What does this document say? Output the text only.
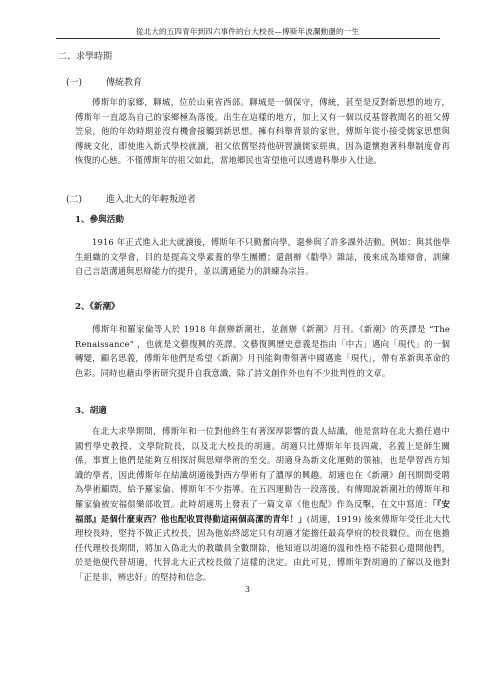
從北大的五四青年到四六事件的台大校長—傅斯年波瀾動盪的一生
二、求學時期
(一)	傳統教育
傅斯年的家鄉，聊城，位於山東省西部。聊城是一個保守，傳統，甚至是反對新思想的地方，傅斯年一直認為自己的家鄉極為落後。出生在這樣的地方，加上又有一個以反基督教聞名的祖父傅笠泉，他的年幼時期並沒有機會接觸到新思想。擁有科舉背景的家世，傅斯年從小接受儒家思想與傳統文化，即使進入新式學校就讀，祖父依舊堅持他研習讀儒家經典，因為還懷抱著科舉制度會再恢復的心態。不僅傅斯年的祖父如此，當地鄉民也寄望他可以透過科舉步入仕途。
(二)	進入北大的年輕叛逆者
1、參與活動
1916 年正式進入北大就讀後，傅斯年不只勤奮向學，還參與了許多課外活動。例如：與其他學生組織的文學會，目的是提高文學素養的學生團體；還創辦《勸學》雜誌，後來成為雄辯會，訓練自己言語溝通與思辯能力的提升，並以溝通能力的訓練為宗旨。
2、《新潮》
傅斯年和羅家倫等人於 1918 年創辦新潮社，並創辦《新潮》月刊。《新潮》的英譯是 “The Renaissance” ，也就是文藝復興的英譯。文藝復興歷史意義是指由「中古」邁向「現代」的一個轉變，顧名思義，傅斯年他們是希望《新潮》月刊能夠帶領著中國邁進「現代」，帶有革新與革命的色彩。同時也藉由學術研究提升自我意識，除了詩文創作外也有不少批判性的文章。
3、胡適
在北大求學期間，傅斯年和一位對他終生有著深厚影響的貴人結識，他是當時在北大擔任過中國哲學史教授、文學院院長，以及北大校長的胡適。胡適只比傅斯年年長四歲，名義上是師生關係，事實上他們是能夠互相探討與思辯學術的至交。胡適身為新文化運動的領袖，也是學習西方知識的學者，因此傅斯年在結識胡適後對西方學術有了濃厚的興趣。胡適也在《新潮》創刊期間受聘為學術顧問，給予羅家倫、傅斯年不少指導。在五四運動告一段落後，有傳聞說新潮社的傅斯年和羅家倫被安福俱樂部收買。此時胡適馬上發表了一篇文章《他也配》作為反擊，在文中寫道：「『安福部』是個什麼東西？他也配收買得動這兩個高潔的青年！」(胡適，1919) 後來傅斯年受任北大代理校長時，堅持不做正式校長，因為他始終認定只有胡適才能擔任最高學府的校長職位。而在他擔任代理校長期間，將加入偽北大的教職員全數開除，他知道以胡適的溫和性格不能狠心遣開他們，於是他便代替胡適，代替北大正式校長做了這樣的決定。由此可見，傅斯年對胡適的了解以及他對「正是非，辨忠奸」的堅持和信念。
3
